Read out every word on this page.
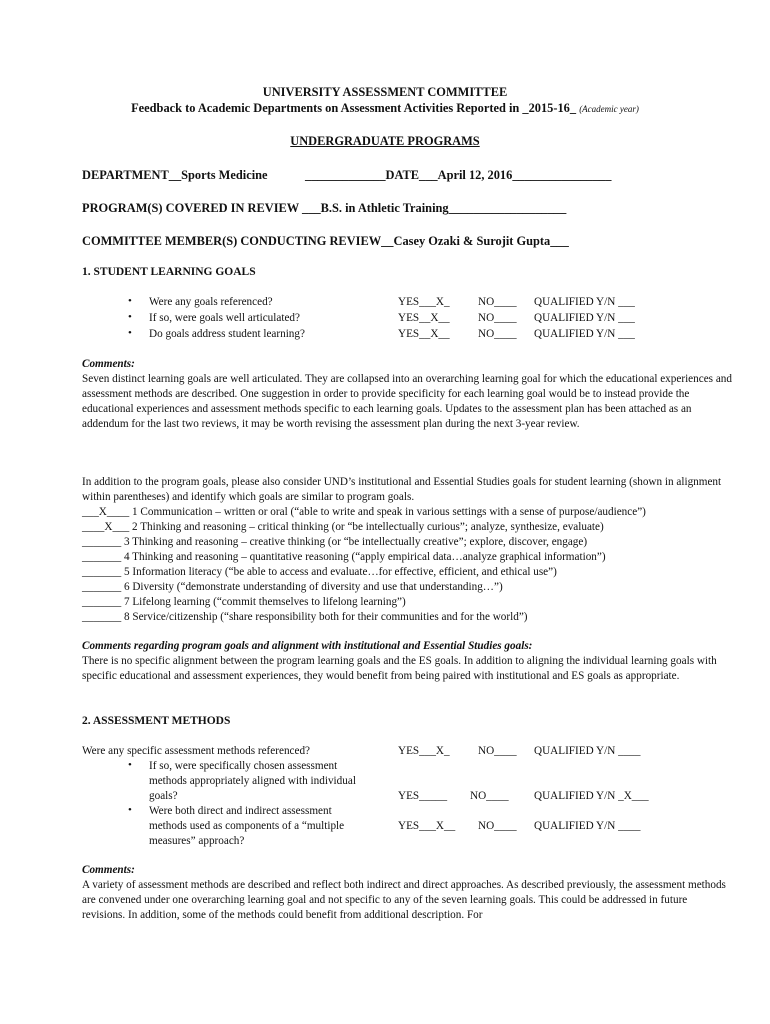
UNIVERSITY ASSESSMENT COMMITTEE
Feedback to Academic Departments on Assessment Activities Reported in _2015-16_ (Academic year)
UNDERGRADUATE PROGRAMS
DEPARTMENT__Sports Medicine	_____________DATE___April 12, 2016________________
PROGRAM(S) COVERED IN REVIEW ___B.S. in Athletic Training___________________
COMMITTEE MEMBER(S) CONDUCTING REVIEW__Casey Ozaki & Surojit Gupta___
1. STUDENT LEARNING GOALS
• Were any goals referenced?	YES___X_	NO____ QUALIFIED Y/N ___
• If so, were goals well articulated?	YES__X__	NO____ QUALIFIED Y/N ___
• Do goals address student learning?	YES__X__	NO____ QUALIFIED Y/N ___

Comments:

Seven distinct learning goals are well articulated. They are collapsed into an overarching learning goal for which the educational experiences and assessment methods are described. One suggestion in order to provide specificity for each learning goal would be to instead provide the educational experiences and assessment methods specific to each learning goals. Updates to the assessment plan has been attached as an addendum for the last two reviews, it may be worth revising the assessment plan during the next 3-year review.

In addition to the program goals, please also consider UND’s institutional and Essential Studies goals for student learning (shown in alignment within parentheses) and identify which goals are similar to program goals.
___X____ 1 Communication – written or oral (“able to write and speak in various settings with a sense of purpose/audience”)
____X___ 2 Thinking and reasoning – critical thinking (or “be intellectually curious”; analyze, synthesize, evaluate)
_______ 3 Thinking and reasoning – creative thinking (or “be intellectually creative”; explore, discover, engage)
_______ 4 Thinking and reasoning – quantitative reasoning (“apply empirical data…analyze graphical information”)
_______ 5 Information literacy (“be able to access and evaluate…for effective, efficient, and ethical use”)
_______ 6 Diversity (“demonstrate understanding of diversity and use that understanding…”)
_______ 7 Lifelong learning (“commit themselves to lifelong learning”)
_______ 8 Service/citizenship (“share responsibility both for their communities and for the world”)

Comments regarding program goals and alignment with institutional and Essential Studies goals:

There is no specific alignment between the program learning goals and the ES goals. In addition to aligning the individual learning goals with specific educational and assessment experiences, they would benefit from being paired with institutional and ES goals as appropriate.

2. ASSESSMENT METHODS
Were any specific assessment methods referenced?	YES___X_	NO____ QUALIFIED Y/N ____
• If so, were specifically chosen assessment
methods appropriately aligned with individual
goals?	YES_____ NO____ QUALIFIED Y/N _X___
• Were both direct and indirect assessment
methods used as components of a “multiple
measures” approach?
YES___X__ NO____ QUALIFIED Y/N ____

Comments:

A variety of assessment methods are described and reflect both indirect and direct approaches. As described previously, the assessment methods are convened under one overarching learning goal and not specific to any of the seven learning goals. This could be addressed in future revisions. In addition, some of the methods could benefit from additional description. For
